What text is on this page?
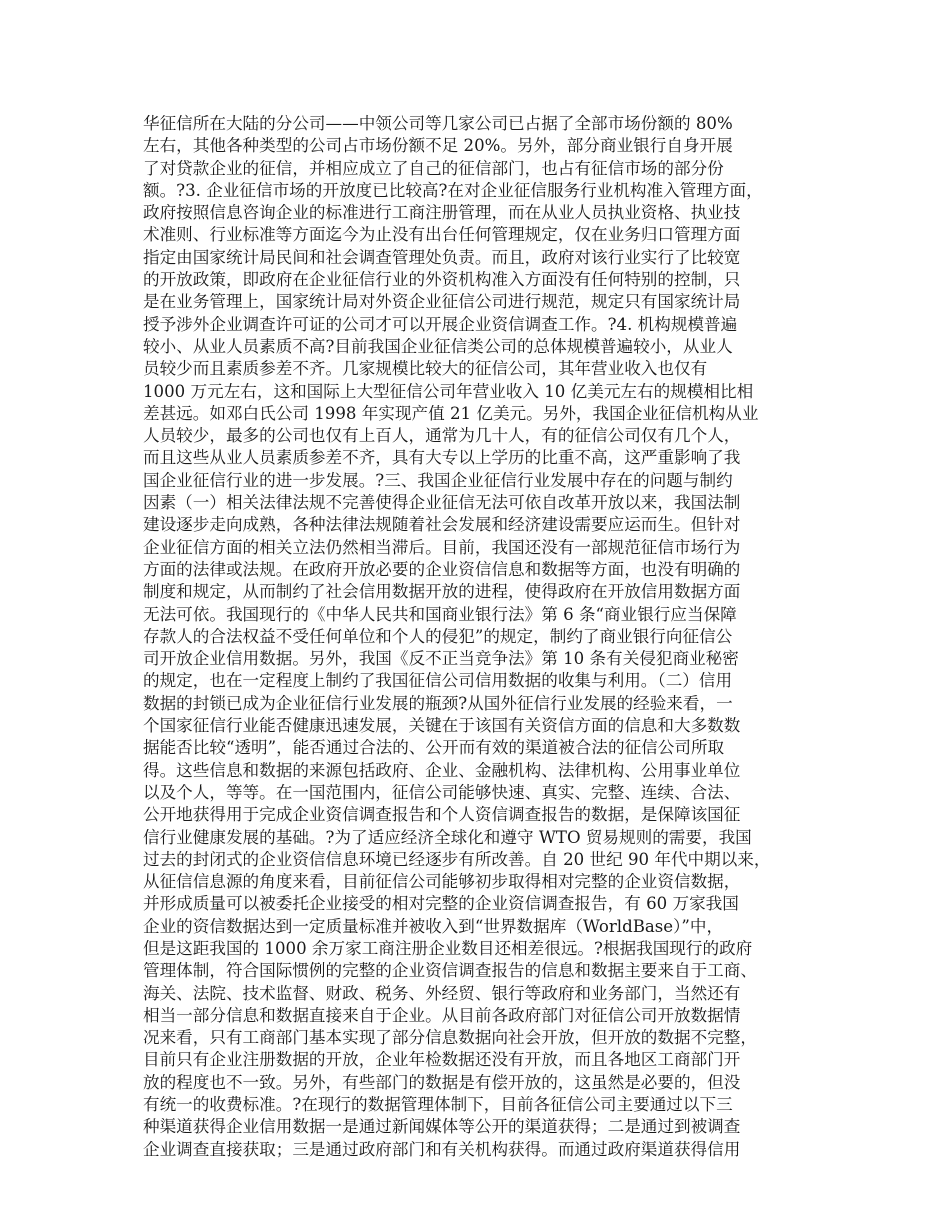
华征信所在大陆的分公司——中领公司等几家公司已占据了全部市场份额的 80%
左右，其他各种类型的公司占市场份额不足 20%。另外，部分商业银行自身开展
了对贷款企业的征信，并相应成立了自己的征信部门，也占有征信市场的部分份
额。?3. 企业征信市场的开放度已比较高?在对企业征信服务行业机构准入管理方面，
政府按照信息咨询企业的标准进行工商注册管理，而在从业人员执业资格、执业技
术准则、行业标准等方面迄今为止没有出台任何管理规定，仅在业务归口管理方面
指定由国家统计局民间和社会调查管理处负责。而且，政府对该行业实行了比较宽
的开放政策，即政府在企业征信行业的外资机构准入方面没有任何特别的控制，只
是在业务管理上，国家统计局对外资企业征信公司进行规范，规定只有国家统计局
授予涉外企业调查许可证的公司才可以开展企业资信调查工作。?4. 机构规模普遍
较小、从业人员素质不高?目前我国企业征信类公司的总体规模普遍较小，从业人
员较少而且素质参差不齐。几家规模比较大的征信公司，其年营业收入也仅有
1000 万元左右，这和国际上大型征信公司年营业收入 10 亿美元左右的规模相比相
差甚远。如邓白氏公司 1998 年实现产值 21 亿美元。另外，我国企业征信机构从业
人员较少，最多的公司也仅有上百人，通常为几十人，有的征信公司仅有几个人，
而且这些从业人员素质参差不齐，具有大专以上学历的比重不高，这严重影响了我
国企业征信行业的进一步发展。?三、我国企业征信行业发展中存在的问题与制约
因素（一）相关法律法规不完善使得企业征信无法可依自改革开放以来，我国法制
建设逐步走向成熟，各种法律法规随着社会发展和经济建设需要应运而生。但针对
企业征信方面的相关立法仍然相当滞后。目前，我国还没有一部规范征信市场行为
方面的法律或法规。在政府开放必要的企业资信信息和数据等方面，也没有明确的
制度和规定，从而制约了社会信用数据开放的进程，使得政府在开放信用数据方面
无法可依。我国现行的《中华人民共和国商业银行法》第 6 条“商业银行应当保障
存款人的合法权益不受任何单位和个人的侵犯”的规定，制约了商业银行向征信公
司开放企业信用数据。另外，我国《反不正当竞争法》第 10 条有关侵犯商业秘密
的规定，也在一定程度上制约了我国征信公司信用数据的收集与利用。（二）信用
数据的封锁已成为企业征信行业发展的瓶颈?从国外征信行业发展的经验来看，一
个国家征信行业能否健康迅速发展，关键在于该国有关资信方面的信息和大多数数
据能否比较“透明”，能否通过合法的、公开而有效的渠道被合法的征信公司所取
得。这些信息和数据的来源包括政府、企业、金融机构、法律机构、公用事业单位
以及个人，等等。在一国范围内，征信公司能够快速、真实、完整、连续、合法、
公开地获得用于完成企业资信调查报告和个人资信调查报告的数据，是保障该国征
信行业健康发展的基础。?为了适应经济全球化和遵守 WTO 贸易规则的需要，我国
过去的封闭式的企业资信信息环境已经逐步有所改善。自 20 世纪 90 年代中期以来，
从征信信息源的角度来看，目前征信公司能够初步取得相对完整的企业资信数据，
并形成质量可以被委托企业接受的相对完整的企业资信调查报告，有 60 万家我国
企业的资信数据达到一定质量标准并被收入到“世界数据库（WorldBase）”中，
但是这距我国的 1000 余万家工商注册企业数目还相差很远。?根据我国现行的政府
管理体制，符合国际惯例的完整的企业资信调查报告的信息和数据主要来自于工商、
海关、法院、技术监督、财政、税务、外经贸、银行等政府和业务部门，当然还有
相当一部分信息和数据直接来自于企业。从目前各政府部门对征信公司开放数据情
况来看，只有工商部门基本实现了部分信息数据向社会开放，但开放的数据不完整，
目前只有企业注册数据的开放，企业年检数据还没有开放，而且各地区工商部门开
放的程度也不一致。另外，有些部门的数据是有偿开放的，这虽然是必要的，但没
有统一的收费标准。?在现行的数据管理体制下，目前各征信公司主要通过以下三
种渠道获得企业信用数据一是通过新闻媒体等公开的渠道获得；二是通过到被调查
企业调查直接获取；三是通过政府部门和有关机构获得。而通过政府渠道获得信用
